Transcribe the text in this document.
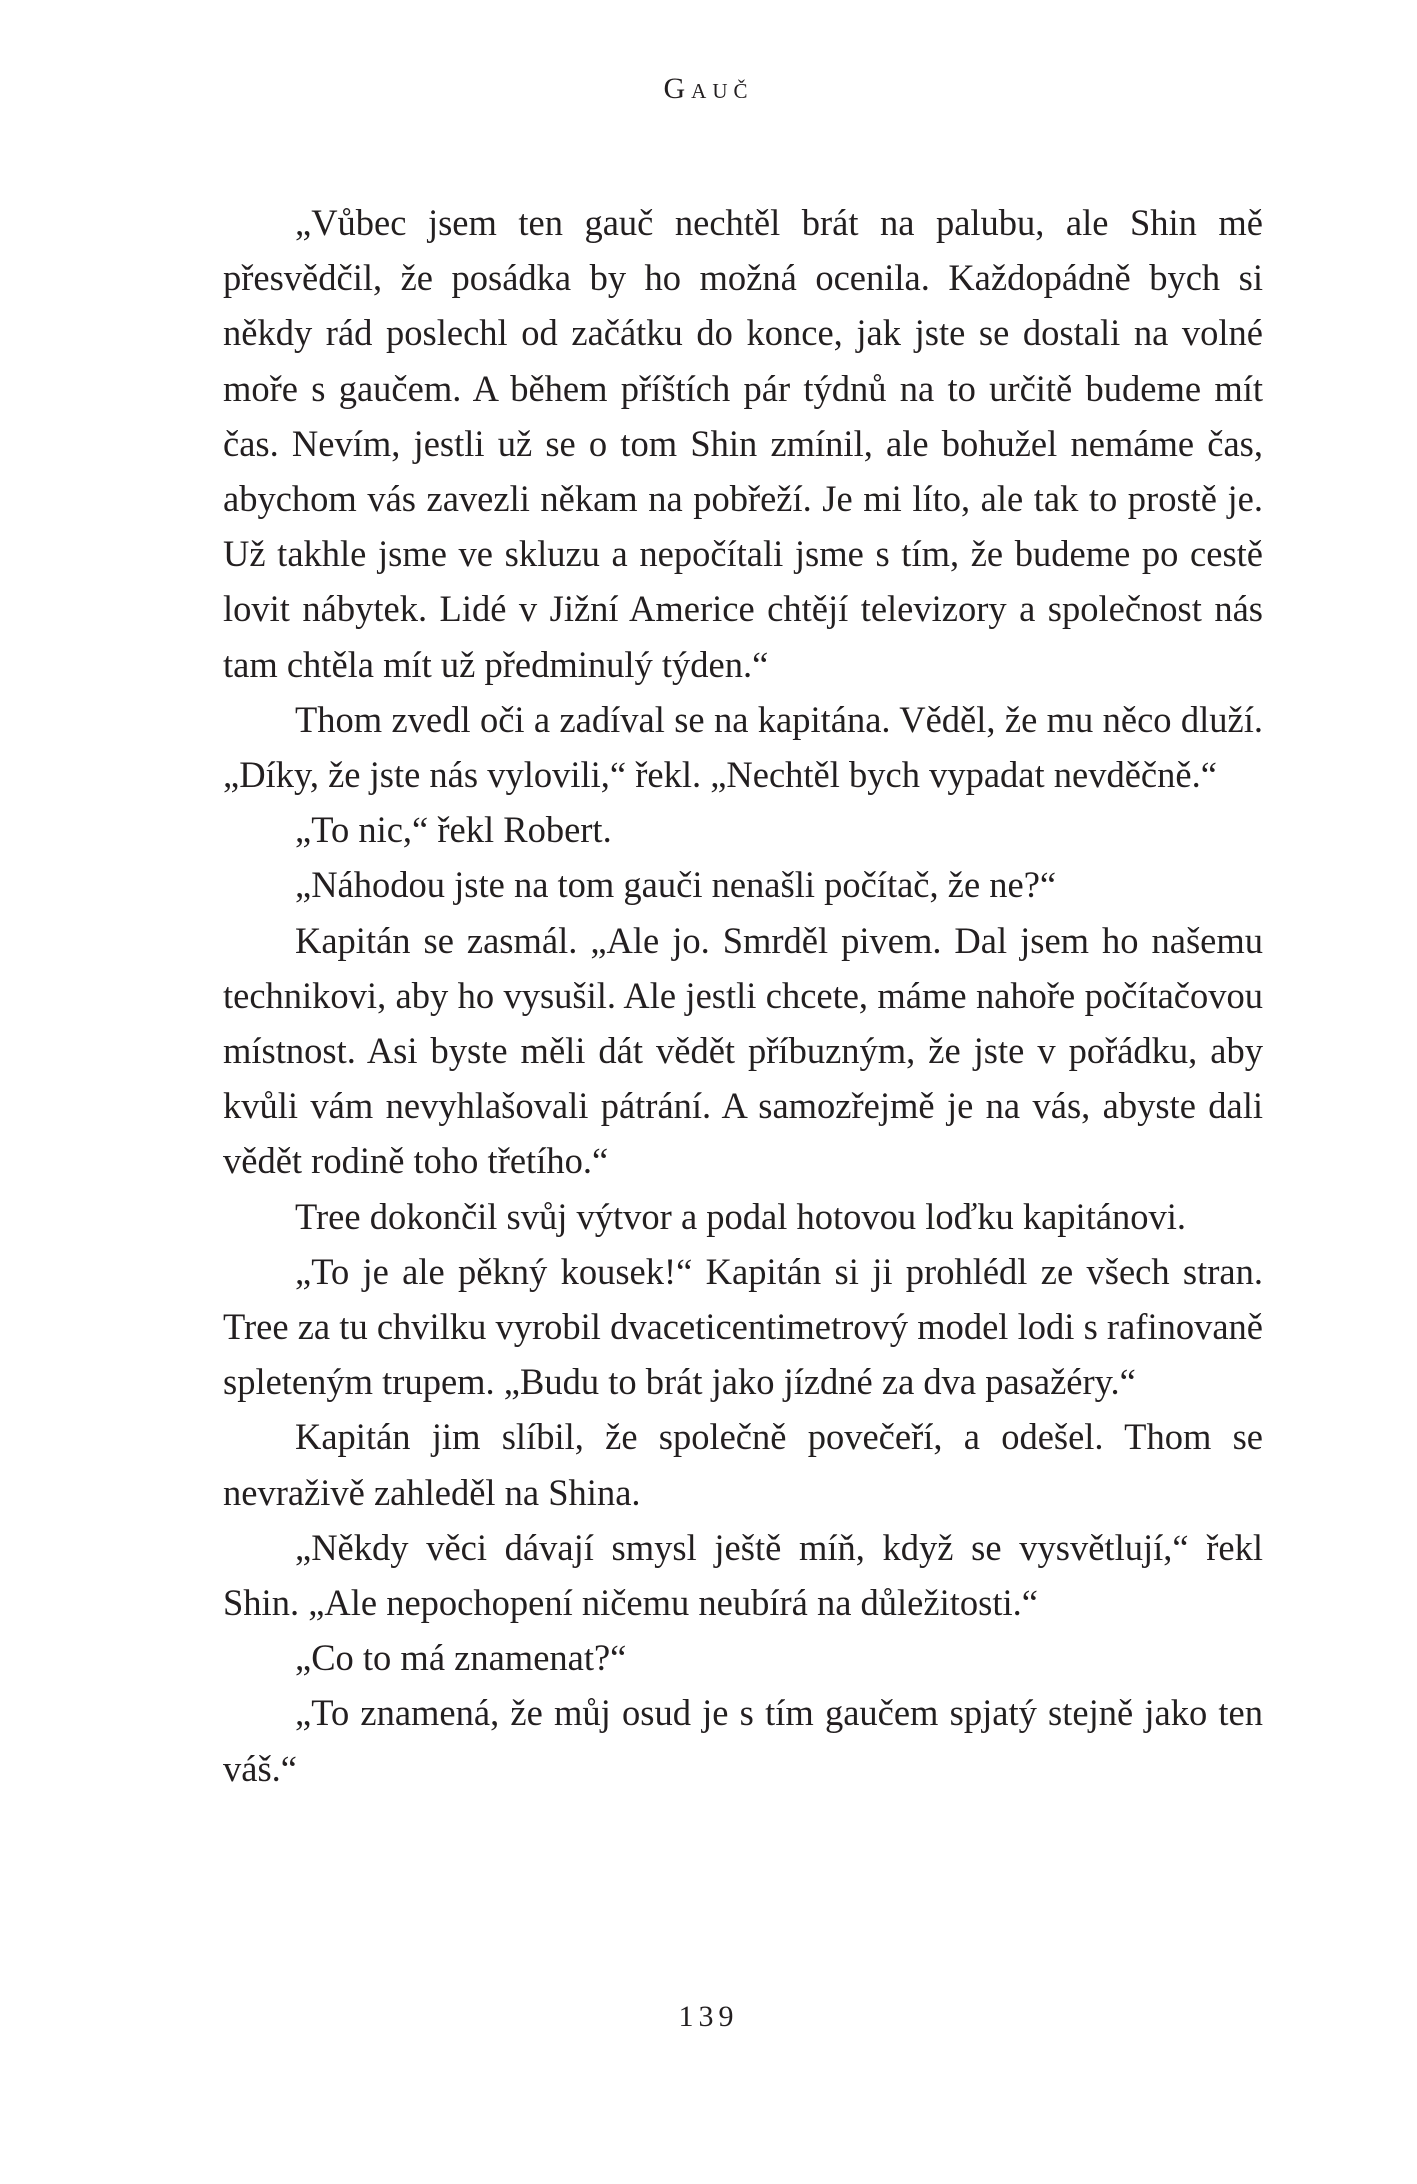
Gauč

„Vůbec jsem ten gauč nechtěl brát na palubu, ale Shin mě přesvědčil, že posádka by ho možná ocenila. Každopádně bych si někdy rád poslechl od začátku do konce, jak jste se dostali na volné moře s gaučem. A během příštích pár týdnů na to určitě budeme mít čas. Nevím, jestli už se o tom Shin zmínil, ale bohužel nemáme čas, abychom vás zavezli někam na pobřeží. Je mi líto, ale tak to prostě je. Už takhle jsme ve skluzu a nepočítali jsme s tím, že budeme po cestě lovit nábytek. Lidé v Jižní Americe chtějí televizory a společnost nás tam chtěla mít už předminulý týden.“

Thom zvedl oči a zadíval se na kapitána. Věděl, že mu něco dluží. „Díky, že jste nás vylovili,“ řekl. „Nechtěl bych vypadat nevděčně.“

„To nic,“ řekl Robert.

„Náhodou jste na tom gauči nenašli počítač, že ne?“

Kapitán se zasmál. „Ale jo. Smrděl pivem. Dal jsem ho našemu technikovi, aby ho vysušil. Ale jestli chcete, máme nahoře počítačovou místnost. Asi byste měli dát vědět příbuzným, že jste v pořádku, aby kvůli vám nevyhlašovali pátrání. A samozřejmě je na vás, abyste dali vědět rodině toho třetího.“

Tree dokončil svůj výtvor a podal hotovou loďku kapitánovi.

„To je ale pěkný kousek!“ Kapitán si ji prohlédl ze všech stran. Tree za tu chvilku vyrobil dvaceticentimetrový model lodi s rafinovaně spleteným trupem. „Budu to brát jako jízdné za dva pasažéry.“

Kapitán jim slíbil, že společně povečeří, a odešel. Thom se nevraživě zahleděl na Shina.

„Někdy věci dávají smysl ještě míň, když se vysvětlují,“ řekl Shin. „Ale nepochopení ničemu neubírá na důležitosti.“

„Co to má znamenat?“

„To znamená, že můj osud je s tím gaučem spjatý stejně jako ten váš.“

139
